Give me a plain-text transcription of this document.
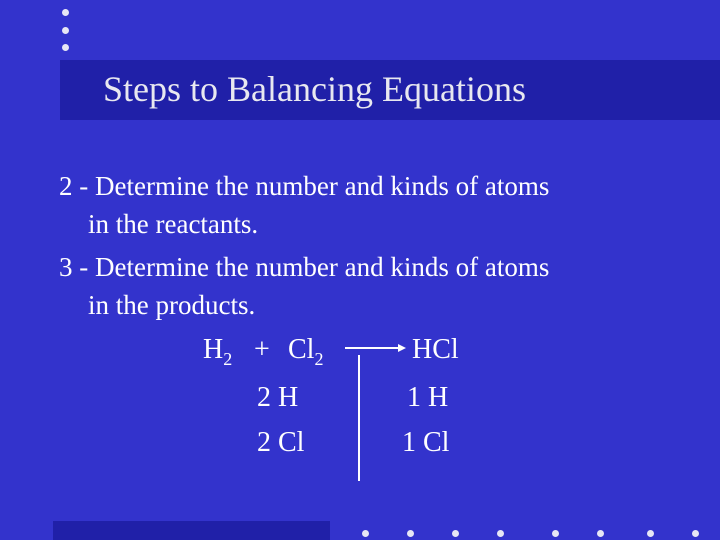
Steps to Balancing Equations
2 - Determine the number and kinds of atoms
in the reactants.
3 - Determine the number and kinds of atoms
in the products.
$H_2 + Cl_2$	HCl
2 H
2 Cl
1 H
1 Cl
